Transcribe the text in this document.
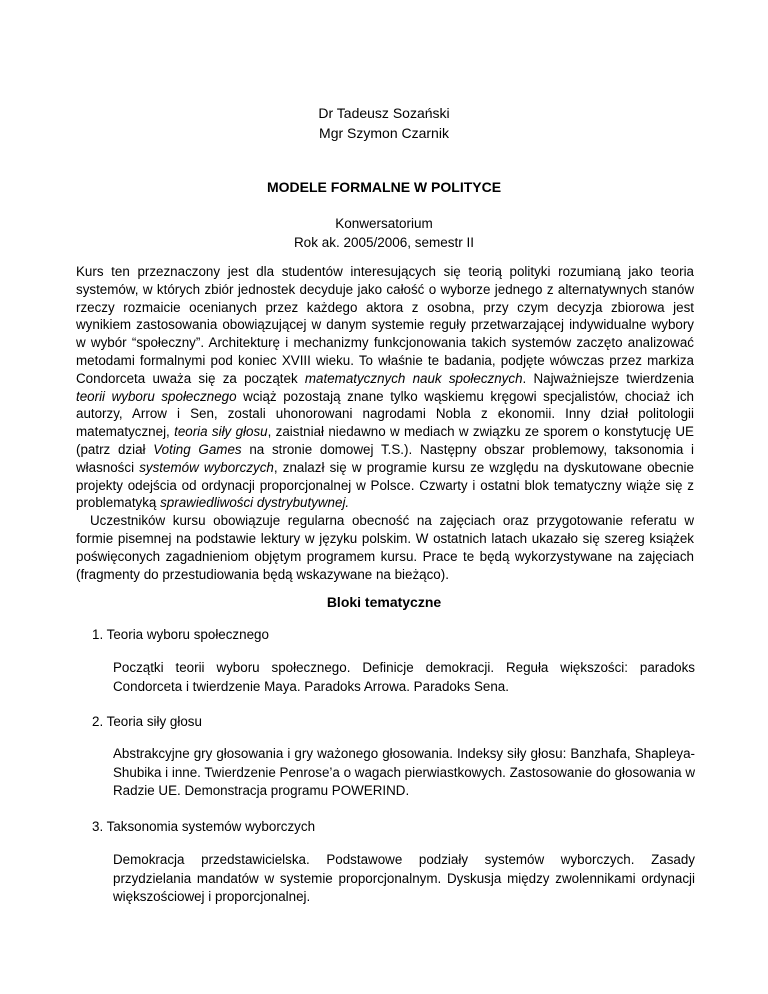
Dr Tadeusz Sozański
Mgr Szymon Czarnik
MODELE FORMALNE W POLITYCE
Konwersatorium
Rok ak. 2005/2006, semestr II

Kurs ten przeznaczony jest dla studentów interesujących się teorią polityki rozumianą jako teoria systemów, w których zbiór jednostek decyduje jako całość o wyborze jednego z alternatywnych stanów rzeczy rozmaicie ocenianych przez każdego aktora z osobna, przy czym decyzja zbiorowa jest wynikiem zastosowania obowiązującej w danym systemie reguły przetwarzającej indywidualne wybory w wybór “społeczny”. Architekturę i mechanizmy funkcjonowania takich systemów zaczęto analizować metodami formalnymi pod koniec XVIII wieku. To właśnie te badania, podjęte wówczas przez markiza Condorceta uważa się za początek matematycznych nauk społecznych. Najważniejsze twierdzenia teorii wyboru społecznego wciąż pozostają znane tylko wąskiemu kręgowi specjalistów, chociaż ich autorzy, Arrow i Sen, zostali uhonorowani nagrodami Nobla z ekonomii. Inny dział politologii matematycznej, teoria siły głosu, zaistniał niedawno w mediach w związku ze sporem o konstytucję UE (patrz dział Voting Games na stronie domowej T.S.). Następny obszar problemowy, taksonomia i własności systemów wyborczych, znalazł się w programie kursu ze względu na dyskutowane obecnie projekty odejścia od ordynacji proporcjonalnej w Polsce. Czwarty i ostatni blok tematyczny wiąże się z problematyką sprawiedliwości dystrybutywnej.

Uczestników kursu obowiązuje regularna obecność na zajęciach oraz przygotowanie referatu w formie pisemnej na podstawie lektury w języku polskim. W ostatnich latach ukazało się szereg książek poświęconych zagadnieniom objętym programem kursu. Prace te będą wykorzystywane na zajęciach (fragmenty do przestudiowania będą wskazywane na bieżąco).

Bloki tematyczne
1. Teoria wyboru społecznego
Początki teorii wyboru społecznego. Definicje demokracji. Reguła większości: paradoks Condorceta i twierdzenie Maya. Paradoks Arrowa. Paradoks Sena.
2. Teoria siły głosu
Abstrakcyjne gry głosowania i gry ważonego głosowania. Indeksy siły głosu: Banzhafa, Shapleya-Shubika i inne. Twierdzenie Penrose’a o wagach pierwiastkowych. Zastosowanie do głosowania w Radzie UE. Demonstracja programu POWERIND.
3. Taksonomia systemów wyborczych
Demokracja przedstawicielska. Podstawowe podziały systemów wyborczych. Zasady przydzielania mandatów w systemie proporcjonalnym. Dyskusja między zwolennikami ordynacji większościowej i proporcjonalnej.
